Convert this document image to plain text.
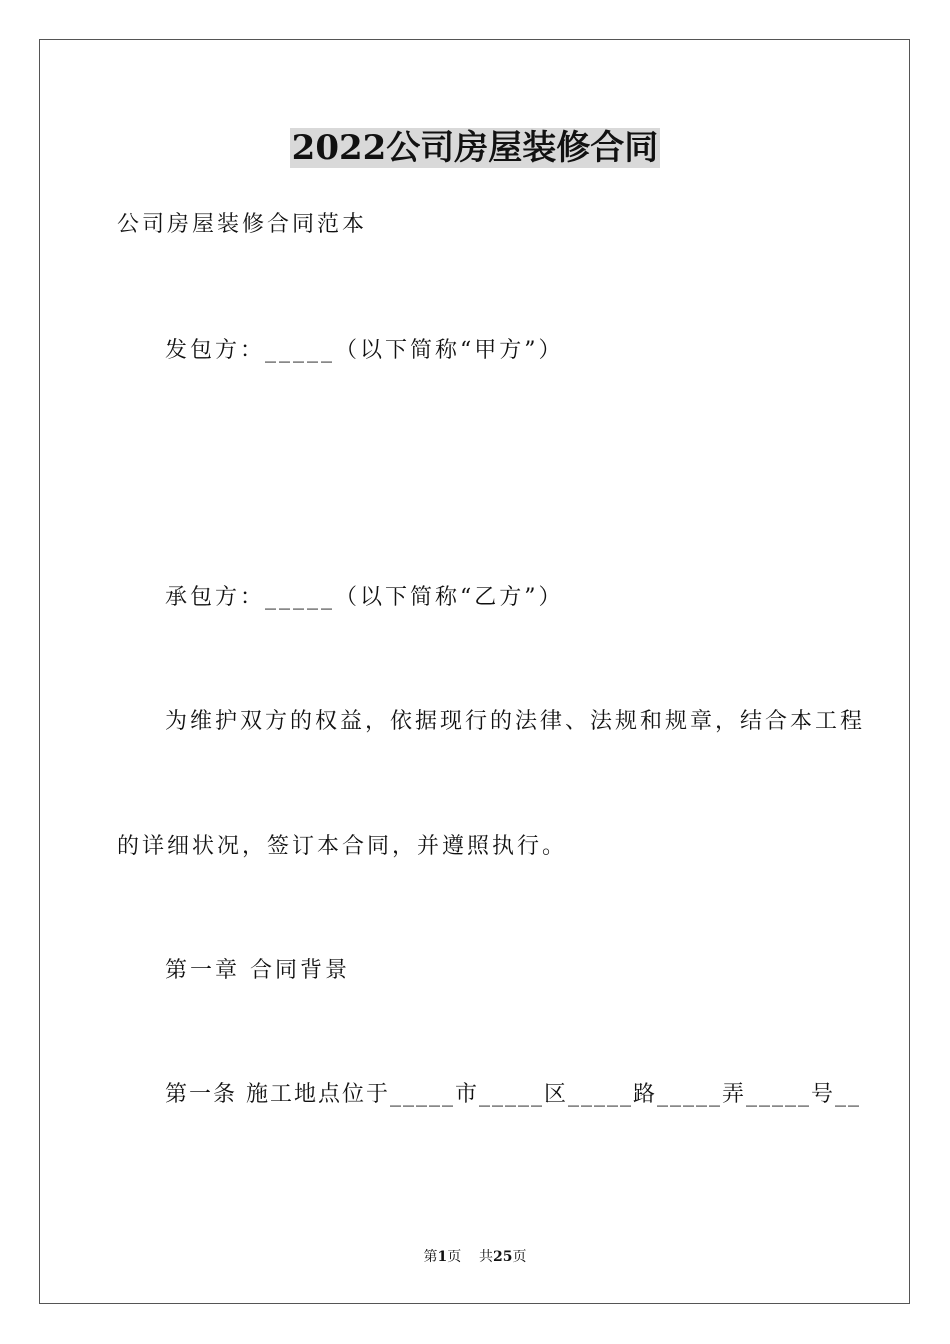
2022公司房屋装修合同
公司房屋装修合同范本
发包方：_____（以下简称“甲方”）
承包方：_____（以下简称“乙方”）
为维护双方的权益，依据现行的法律、法规和规章，结合本工程
的详细状况，签订本合同，并遵照执行。
第一章 合同背景
第一条 施工地点位于_____市_____区_____路_____弄_____号__
第1页    共25页
